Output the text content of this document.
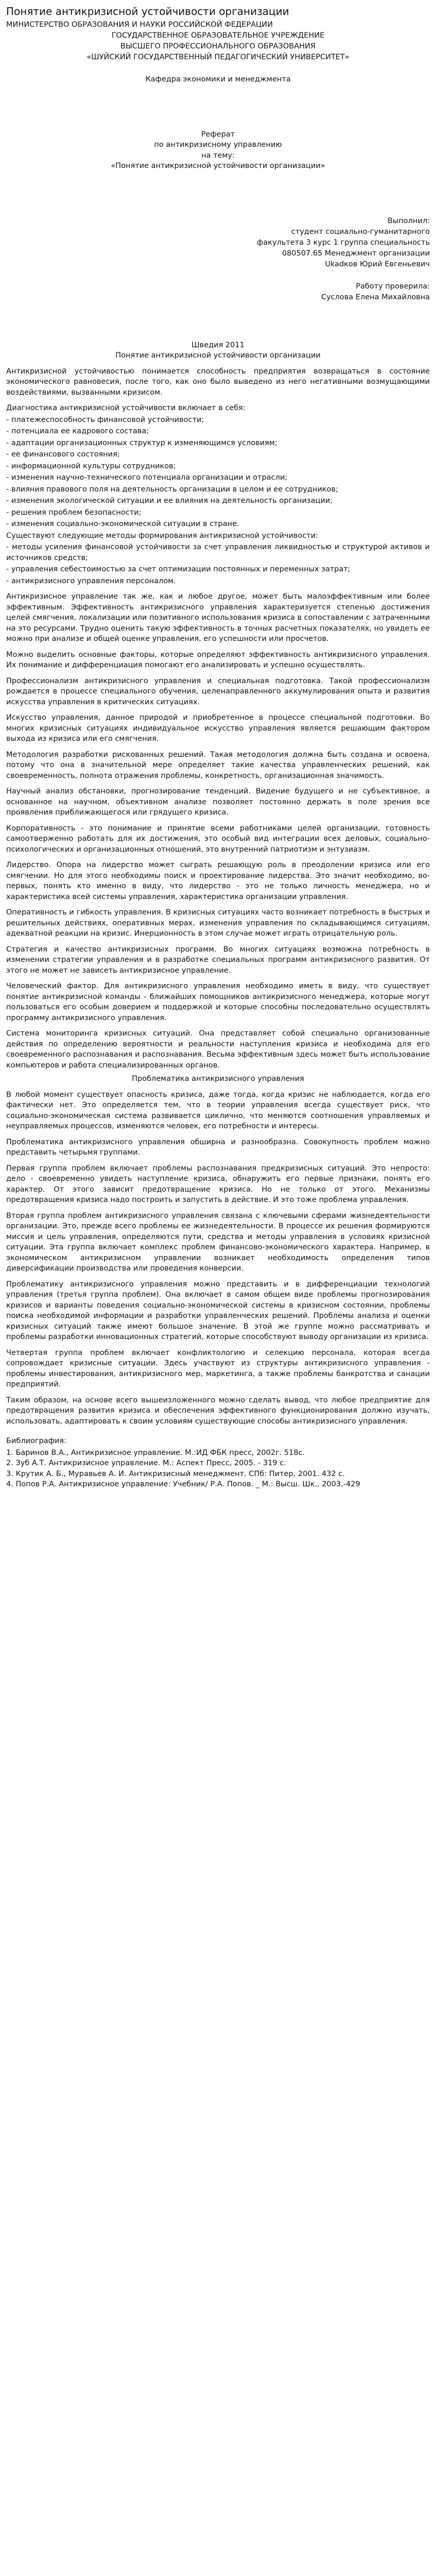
Понятие антикризисной устойчивости организации
МИНИСТЕРСТВО ОБРАЗОВАНИЯ И НАУКИ РОССИЙСКОЙ ФЕДЕРАЦИИ
ГОСУДАРСТВЕННОЕ ОБРАЗОВАТЕЛЬНОЕ УЧРЕЖДЕНИЕ
ВЫСШЕГО ПРОФЕССИОНАЛЬНОГО ОБРАЗОВАНИЯ
«ШУЙСКИЙ ГОСУДАРСТВЕННЫЙ ПЕДАГОГИЧЕСКИЙ УНИВЕРСИТЕТ»
Кафедра экономики и менеджмента
Реферат
по антикризисному управлению
на тему:
«Понятие антикризисной устойчивости организации»
Выполнил:
студент социально-гуманитарного
факультета 3 курс 1 группа специальность
080507.65 Менеджмент организации
Ukadков Юрий Евгеньевич
Работу проверила:
Суслова Елена Михайловна
Шведия 2011
Понятие антикризисной устойчивости организации

Антикризисной устойчивостью понимается способность предприятия возвращаться в состояние экономического равновесия, после того, как оно было выведено из него негативными возмущающими воздействиями, вызванными кризисом.

Диагностика антикризисной устойчивости включает в себя:

- платежеспособность финансовой устойчивости;

- потенциала ее кадрового состава;

- адаптации организационных структур к изменяющимся условиям;

- ее финансового состояния;

- информационной культуры сотрудников;

- изменения научно-технического потенциала организации и отрасли;

- влияния правового поля на деятельность организации в целом и ее сотрудников;

- изменения экологической ситуации и ее влияния на деятельность организации;

- решения проблем безопасности;

- изменения социально-экономической ситуации в стране.

Существуют следующие методы формирования антикризисной устойчивости:

- методы усиления финансовой устойчивости за счет управления ликвидностью и структурой активов и источников средств;

- управления себестоимостью за счет оптимизации постоянных и переменных затрат;

- антикризисного управления персоналом.

Антикризисное управление так же, как и любое другое, может быть малоэффективным или более эффективным. Эффективность антикризисного управления характеризуется степенью достижения целей смягчения, локализации или позитивного использования кризиса в сопоставлении с затраченными на это ресурсами. Трудно оценить такую эффективность в точных расчетных показателях, но увидеть ее можно при анализе и общей оценке управления, его успешности или просчетов.

Можно выделить основные факторы, которые определяют эффективность антикризисного управления. Их понимание и дифференциация помогают его анализировать и успешно осуществлять.

Профессионализм антикризисного управления и специальная подготовка. Такой профессионализм рождается в процессе специального обучения, целенаправленного аккумулирования опыта и развития искусства управления в критических ситуациях.

Искусство управления, данное природой и приобретенное в процессе специальной подготовки. Во многих кризисных ситуациях индивидуальное искусство управления является решающим фактором выхода из кризиса или его смягчения.

Методология разработки рискованных решений. Такая методология должна быть создана и освоена, потому что она в значительной мере определяет такие качества управленческих решений, как своевременность, полнота отражения проблемы, конкретность, организационная значимость.

Научный анализ обстановки, прогнозирование тенденций. Видение будущего и не субъективное, а основанное на научном, объективном анализе позволяет постоянно держать в поле зрения все проявления приближающегося или грядущего кризиса.

Корпоративность - это понимание и принятие всеми работниками целей организации, готовность самоотверженно работать для их достижения, это особый вид интеграции всех деловых, социально-психологических и организационных отношений, это внутренний патриотизм и энтузиазм.

Лидерство. Опора на лидерство может сыграть решающую роль в преодолении кризиса или его смягчении. Но для этого необходимы поиск и проектирование лидерства. Это значит необходимо, во-первых, понять кто именно в виду, что лидерство - это не только личность менеджера, но и характеристика всей системы управления, характеристика организации управления.

Оперативность и гибкость управления. В кризисных ситуациях часто возникает потребность в быстрых и решительных действиях, оперативных мерах, изменения управления по складывающимся ситуациям, адекватной реакции на кризис. Инерционность в этом случае может играть отрицательную роль.

Стратегия и качество антикризисных программ. Во многих ситуациях возможна потребность в изменении стратегии управления и в разработке специальных программ антикризисного развития. От этого не может не зависеть антикризисное управление.

Человеческий фактор. Для антикризисного управления необходимо иметь в виду, что существует понятие антикризисной команды - ближайших помощников антикризисного менеджера, которые могут пользоваться его особым доверием и поддержкой и которые способны последовательно осуществлять программу антикризисного управления.

Система мониторинга кризисных ситуаций. Она представляет собой специально организованные действия по определению вероятности и реальности наступления кризиса и необходима для его своевременного распознавания и распознавания. Весьма эффективным здесь может быть использование компьютеров и работа специализированных органов.

Проблематика антикризисного управления

В любой момент существует опасность кризиса, даже тогда, когда кризис не наблюдается, когда его фактически нет. Это определяется тем, что в теории управления всегда существует риск, что социально-экономическая система развивается циклично, что меняются соотношения управляемых и неуправляемых процессов, изменяются человек, его потребности и интересы.

Проблематика антикризисного управления обширна и разнообразна. Совокупность проблем можно представить четырьмя группами.

Первая группа проблем включает проблемы распознавания предкризисных ситуаций. Это непросто: дело - своевременно увидеть наступление кризиса, обнаружить его первые признаки, понять его характер. От этого зависит предотвращение кризиса. Но не только от этого. Механизмы предотвращения кризиса надо построить и запустить в действие. И это тоже проблема управления.

Вторая группа проблем антикризисного управления связана с ключевыми сферами жизнедеятельности организации. Это, прежде всего проблемы ее жизнедеятельности. В процессе их решения формируются миссия и цель управления, определяются пути, средства и методы управления в условиях кризисной ситуации. Эта группа включает комплекс проблем финансово-экономического характера. Например, в экономическом антикризисном управлении возникает необходимость определения типов диверсификации производства или проведения конверсии.

Проблематику антикризисного управления можно представить и в дифференциации технологий управления (третья группа проблем). Она включает в самом общем виде проблемы прогнозирования кризисов и варианты поведения социально-экономической системы в кризисном состоянии, проблемы поиска необходимой информации и разработки управленческих решений. Проблемы анализа и оценки кризисных ситуаций также имеют большое значение. В этой же группе можно рассматривать и проблемы разработки инновационных стратегий, которые способствуют выводу организации из кризиса.

Четвертая группа проблем включает конфликтологию и селекцию персонала, которая всегда сопровождает кризисные ситуации. Здесь участвуют из структуры антикризисного управления - проблемы инвестирования, антикризисного мер, маркетинга, а также проблемы банкротства и санации предприятий.

Таким образом, на основе всего вышеизложенного можно сделать вывод, что любое предприятие для предотвращения развития кризиса и обеспечения эффективного функционирования должно изучать, использовать, адаптировать к своим условиям существующие способы антикризисного управления.

Библиография:
1. Баринов В.А., Антикризисное управление. М.:ИД ФБК пресс, 2002г. 518с.
2. Зуб А.Т. Антикризисное управление. М.: Аспект Пресс, 2005. - 319 с.
3. Крутик А. Б., Муравьев А. И. Антикризисный менеджмент. СПб: Питер, 2001. 432 с.
4. Попов Р.А. Антикризисное управление: Учебник/ Р.А. Попов. _ М.: Высш. Шк., 2003.-429
